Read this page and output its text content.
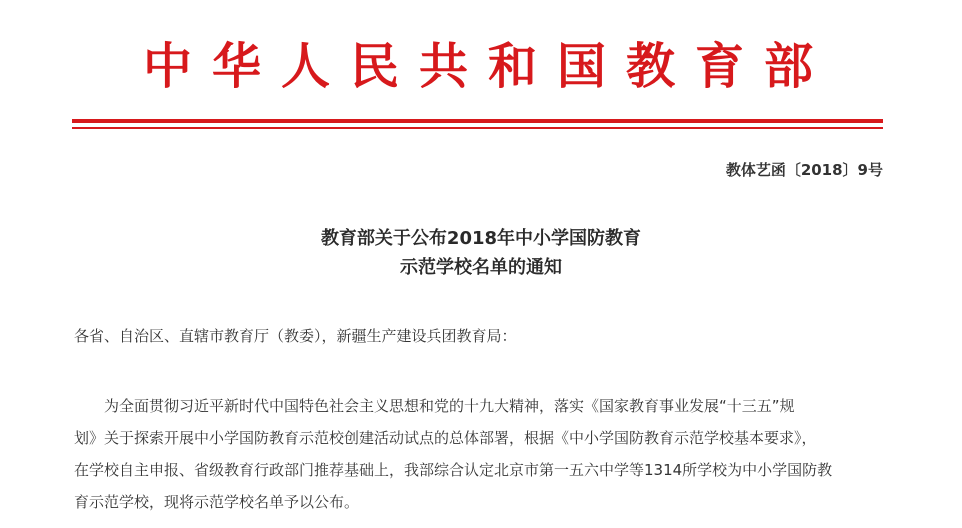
中华人民共和国教育部
教体艺函〔2018〕9号
教育部关于公布2018年中小学国防教育
示范学校名单的通知
各省、自治区、直辖市教育厅（教委），新疆生产建设兵团教育局：
为全面贯彻习近平新时代中国特色社会主义思想和党的十九大精神，落实《国家教育事业发展“十三五”规
划》关于探索开展中小学国防教育示范校创建活动试点的总体部署，根据《中小学国防教育示范学校基本要求》，
在学校自主申报、省级教育行政部门推荐基础上，我部综合认定北京市第一五六中学等1314所学校为中小学国防教
育示范学校，现将示范学校名单予以公布。
